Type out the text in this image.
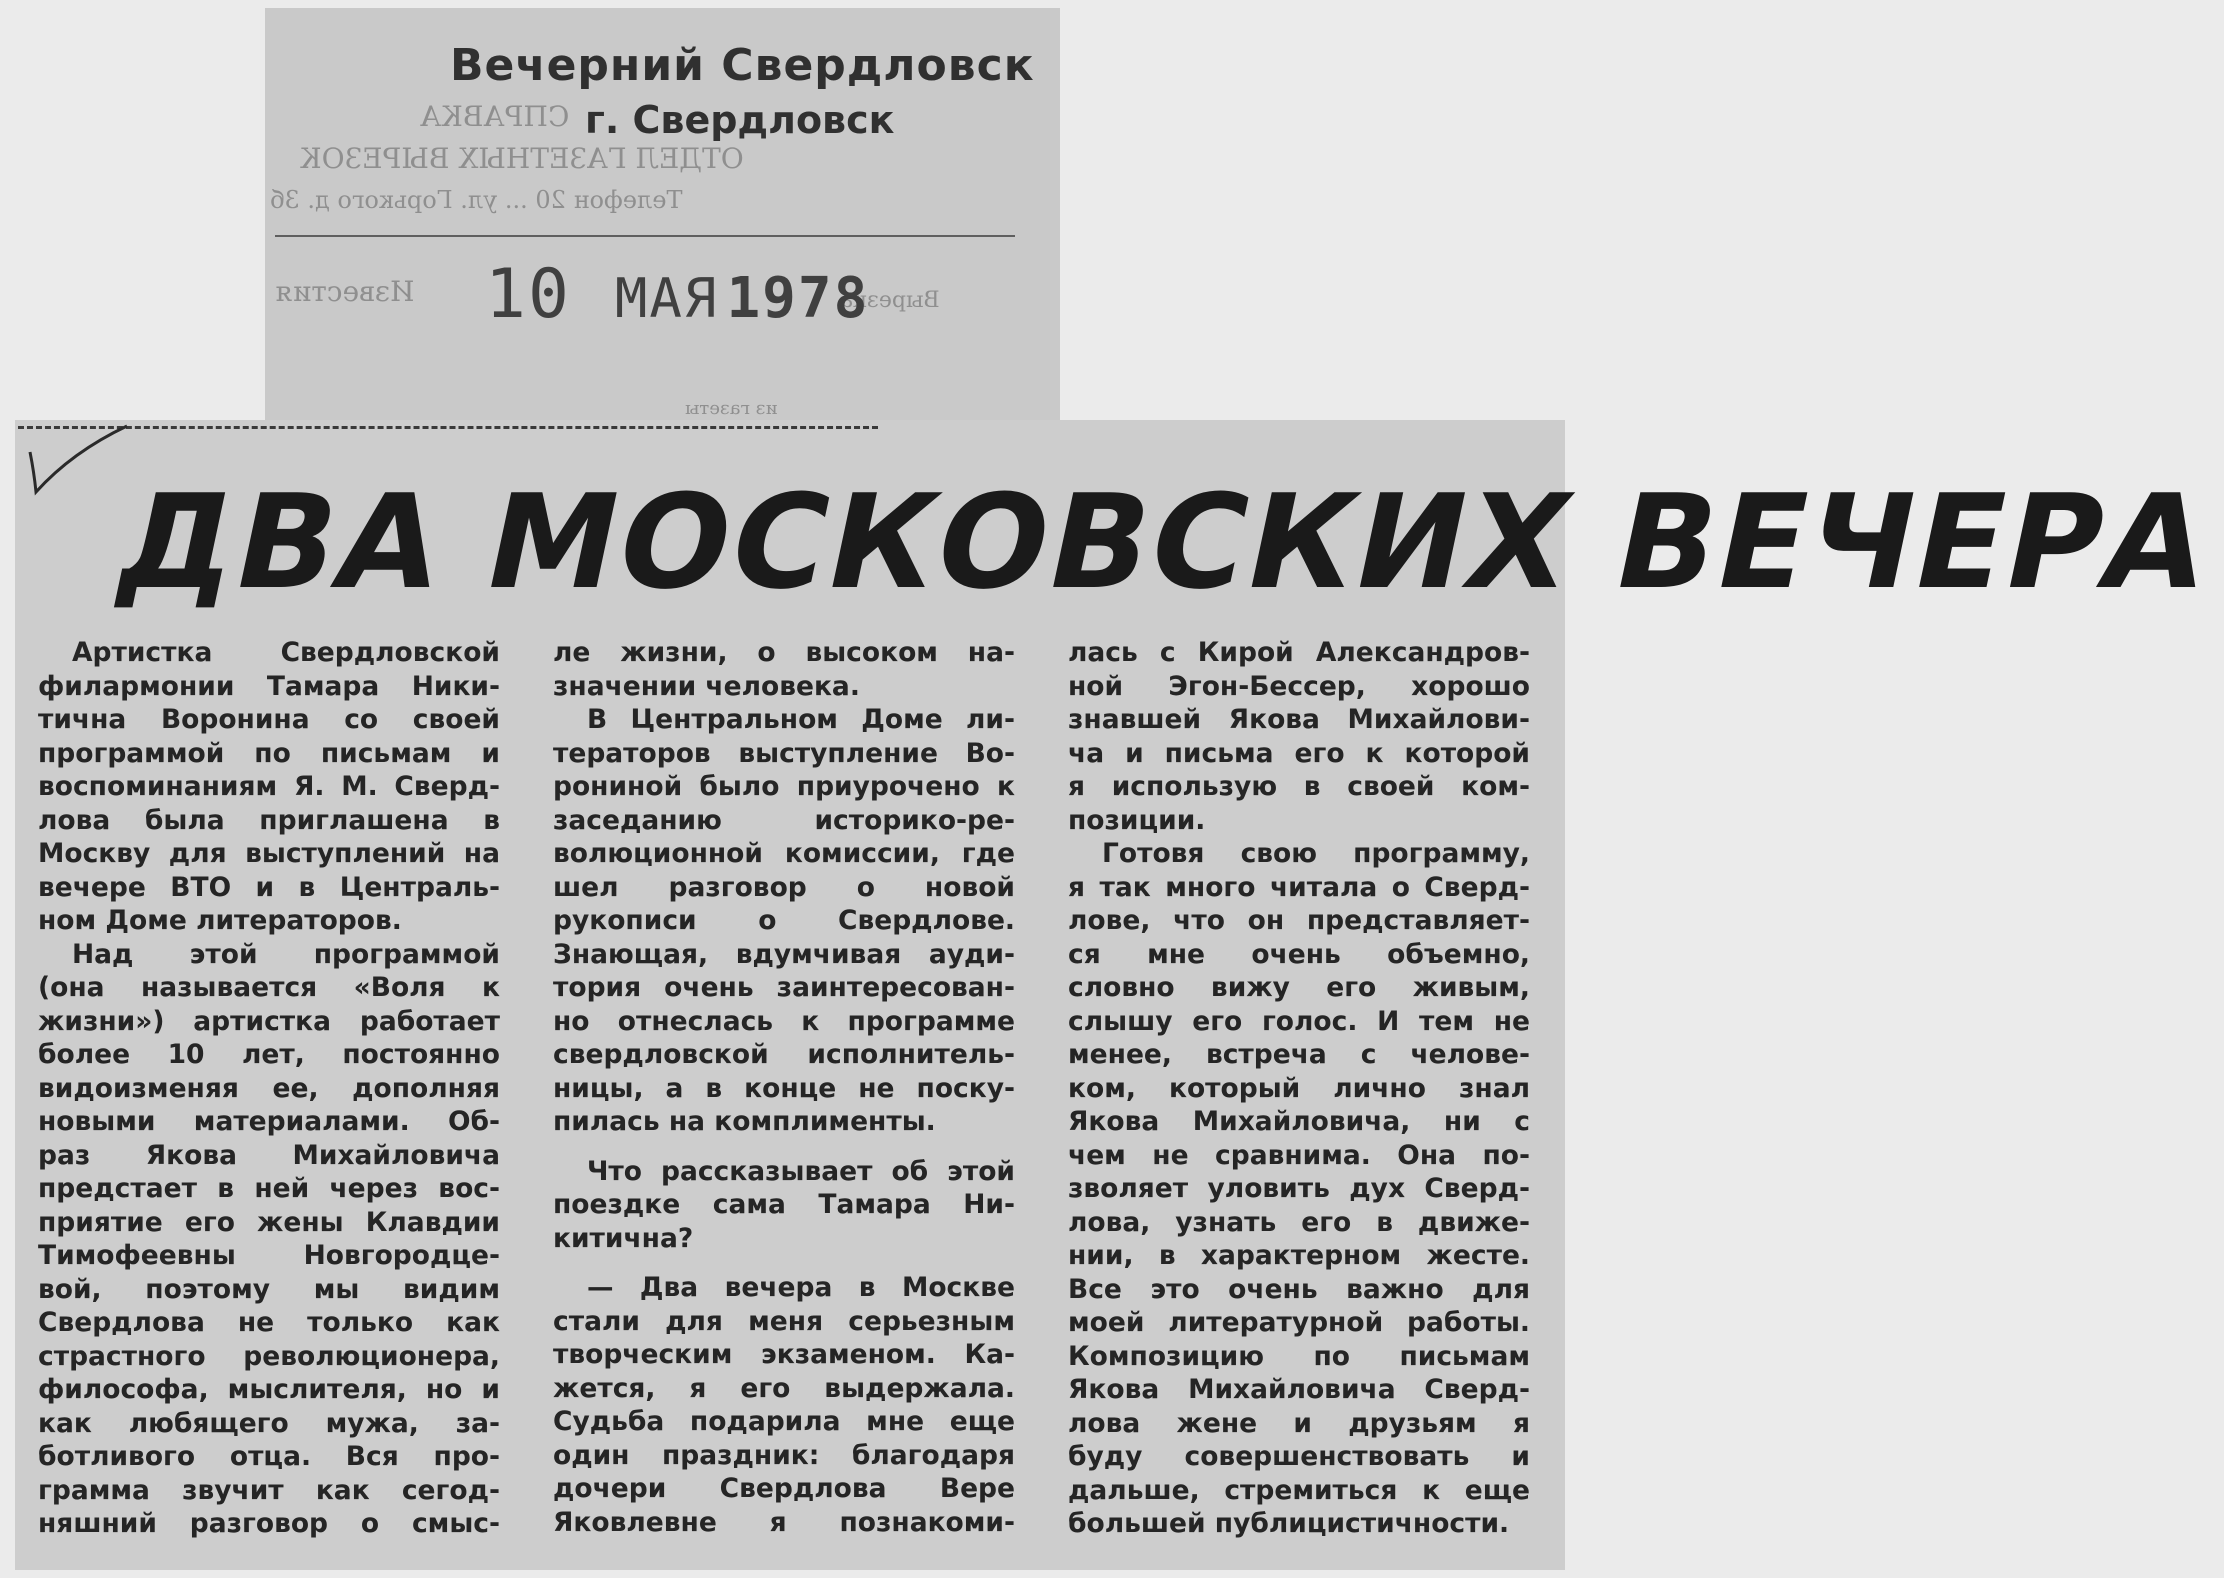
СПРАВКА
ОТДЕЛ ГАЗЕТНЫХ ВЫРЕЗОК
Телефон 20 ... ул. Горького д. 3б
Известия	Вырезка
из газеты
Вечерний Свердловск
г. Свердловск
10 МАЯ 1978
ДВА МОСКОВСКИХ ВЕЧЕРА

Артистка Свердловской

филармонии Тамара Ники-

тична Воронина со своей

программой по письмам и

воспоминаниям Я. М. Сверд-

лова была приглашена в

Москву для выступлений на

вечере ВТО и в Централь-

ном Доме литераторов.

Над этой программой

(она называется «Воля к

жизни») артистка работает

более 10 лет, постоянно

видоизменяя ее, дополняя

новыми материалами. Об-

раз Якова Михайловича

предстает в ней через вос-

приятие его жены Клавдии

Тимофеевны Новгородце-

вой, поэтому мы видим

Свердлова не только как

страстного революционера,

философа, мыслителя, но и

как любящего мужа, за-

ботливого отца. Вся про-

грамма звучит как сегод-

няшний разговор о смыс-

ле жизни, о высоком на-

значении человека.

В Центральном Доме ли-

тераторов выступление Во-

рониной было приурочено к

заседанию историко-ре-

волюционной комиссии, где

шел разговор о новой

рукописи о Свердлове.

Знающая, вдумчивая ауди-

тория очень заинтересован-

но отнеслась к программе

свердловской исполнитель-

ницы, а в конце не поску-

пилась на комплименты.

Что рассказывает об этой

поездке сама Тамара Ни-

китична?

— Два вечера в Москве

стали для меня серьезным

творческим экзаменом. Ка-

жется, я его выдержала.

Судьба подарила мне еще

один праздник: благодаря

дочери Свердлова Вере

Яковлевне я познакоми-

лась с Кирой Александров-

ной Эгон-Бессер, хорошо

знавшей Якова Михайлови-

ча и письма его к которой

я использую в своей ком-

позиции.

Готовя свою программу,

я так много читала о Сверд-

лове, что он представляет-

ся мне очень объемно,

словно вижу его живым,

слышу его голос. И тем не

менее, встреча с челове-

ком, который лично знал

Якова Михайловича, ни с

чем не сравнима. Она по-

зволяет уловить дух Сверд-

лова, узнать его в движе-

нии, в характерном жесте.

Все это очень важно для

моей литературной работы.

Композицию по письмам

Якова Михайловича Сверд-

лова жене и друзьям я

буду совершенствовать и

дальше, стремиться к еще

большей публицистичности.
